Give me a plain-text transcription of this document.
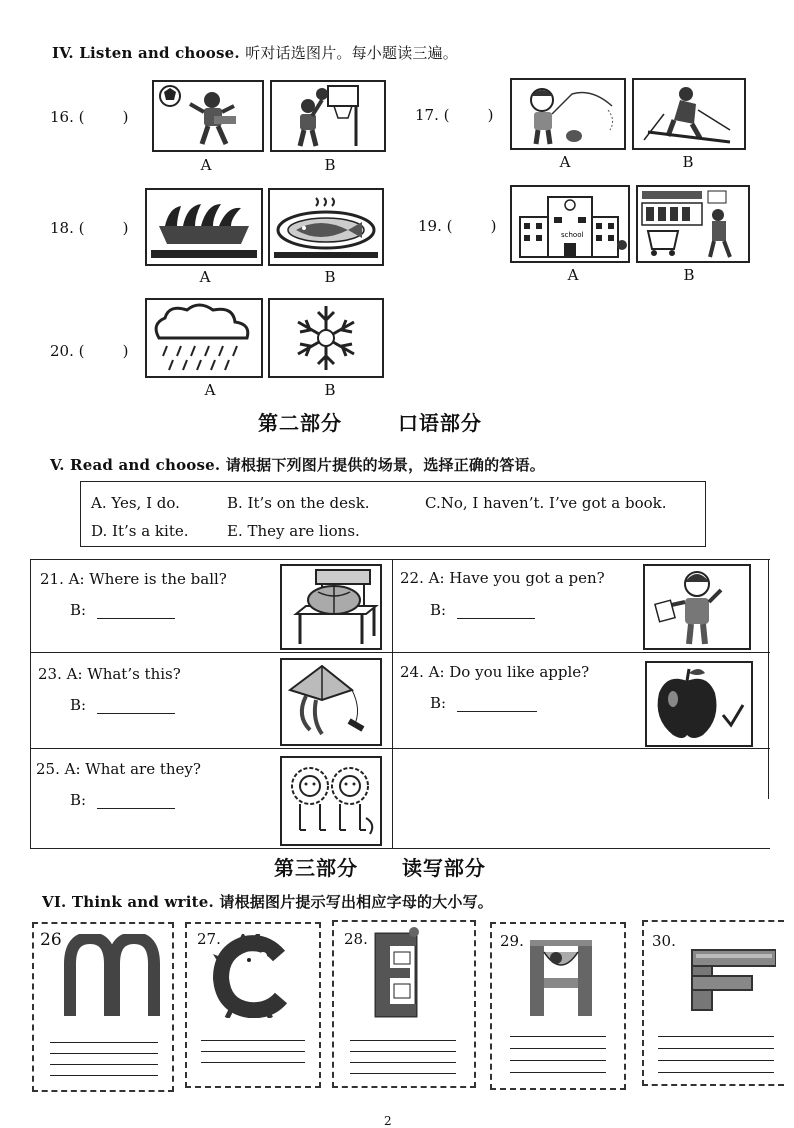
IV. Listen and choose. 听对话选图片。每小题读三遍。
16. (        )
A	B
17. (        )
A	B
18. (        )
A	B
19. (        )	school
A	B
20. (        )
A	B
第二部分	口语部分
V. Read and choose. 请根据下列图片提供的场景，选择正确的答语。
A. Yes, I do.	B. It’s on the desk.	C.No, I haven’t. I’ve got a book.
D. It’s a kite.	E. They are lions.
21. A: Where is the ball?
B:
22. A: Have you got a pen?
B:
23. A: What’s this?
B:
24. A: Do you like apple?
B:
25. A: What are they?
B:
第三部分 读写部分
VI. Think and write. 请根据图片提示写出相应字母的大小写。
26	27.	28.	29.	30.
2
